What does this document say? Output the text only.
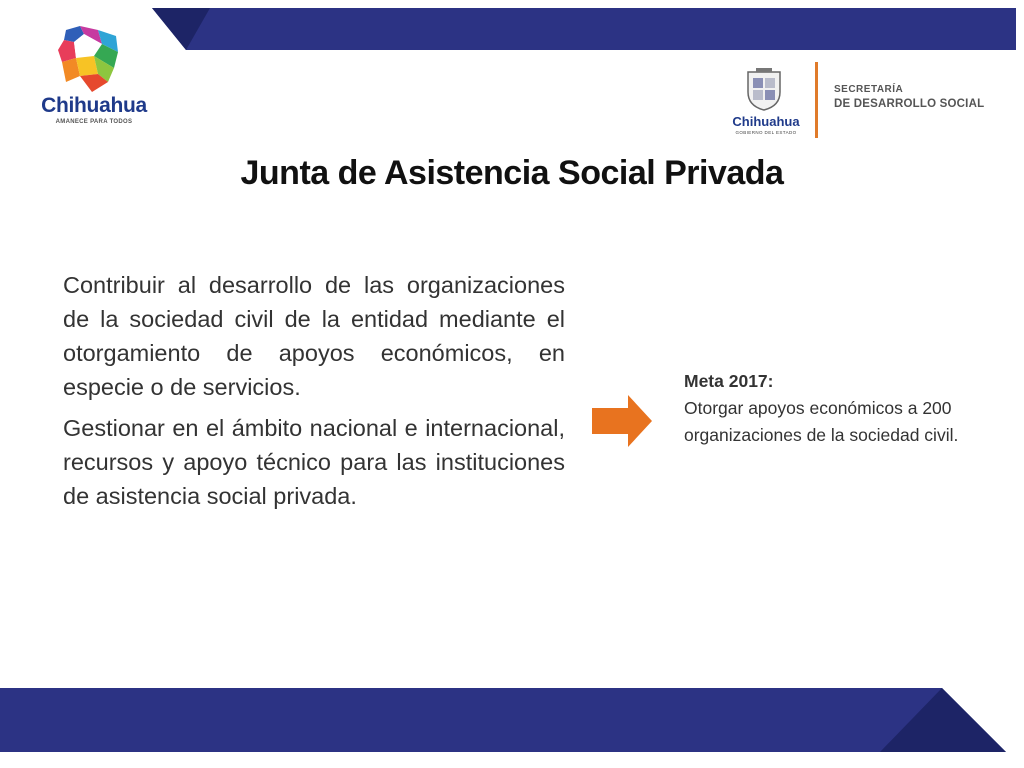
Chihuahua
AMANECE PARA TODOS	Chihuahua
GOBIERNO DEL ESTADO
SECRETARÍA
DE DESARROLLO SOCIAL
Junta de Asistencia Social Privada

Contribuir al desarrollo de las organizaciones de la sociedad civil de la entidad mediante el otorgamiento de apoyos económicos, en especie o de servicios.

Gestionar en el ámbito nacional e internacional, recursos y apoyo técnico para las instituciones de asistencia social privada.

Meta 2017:
Otorgar apoyos económicos a 200 organizaciones de la sociedad civil.
